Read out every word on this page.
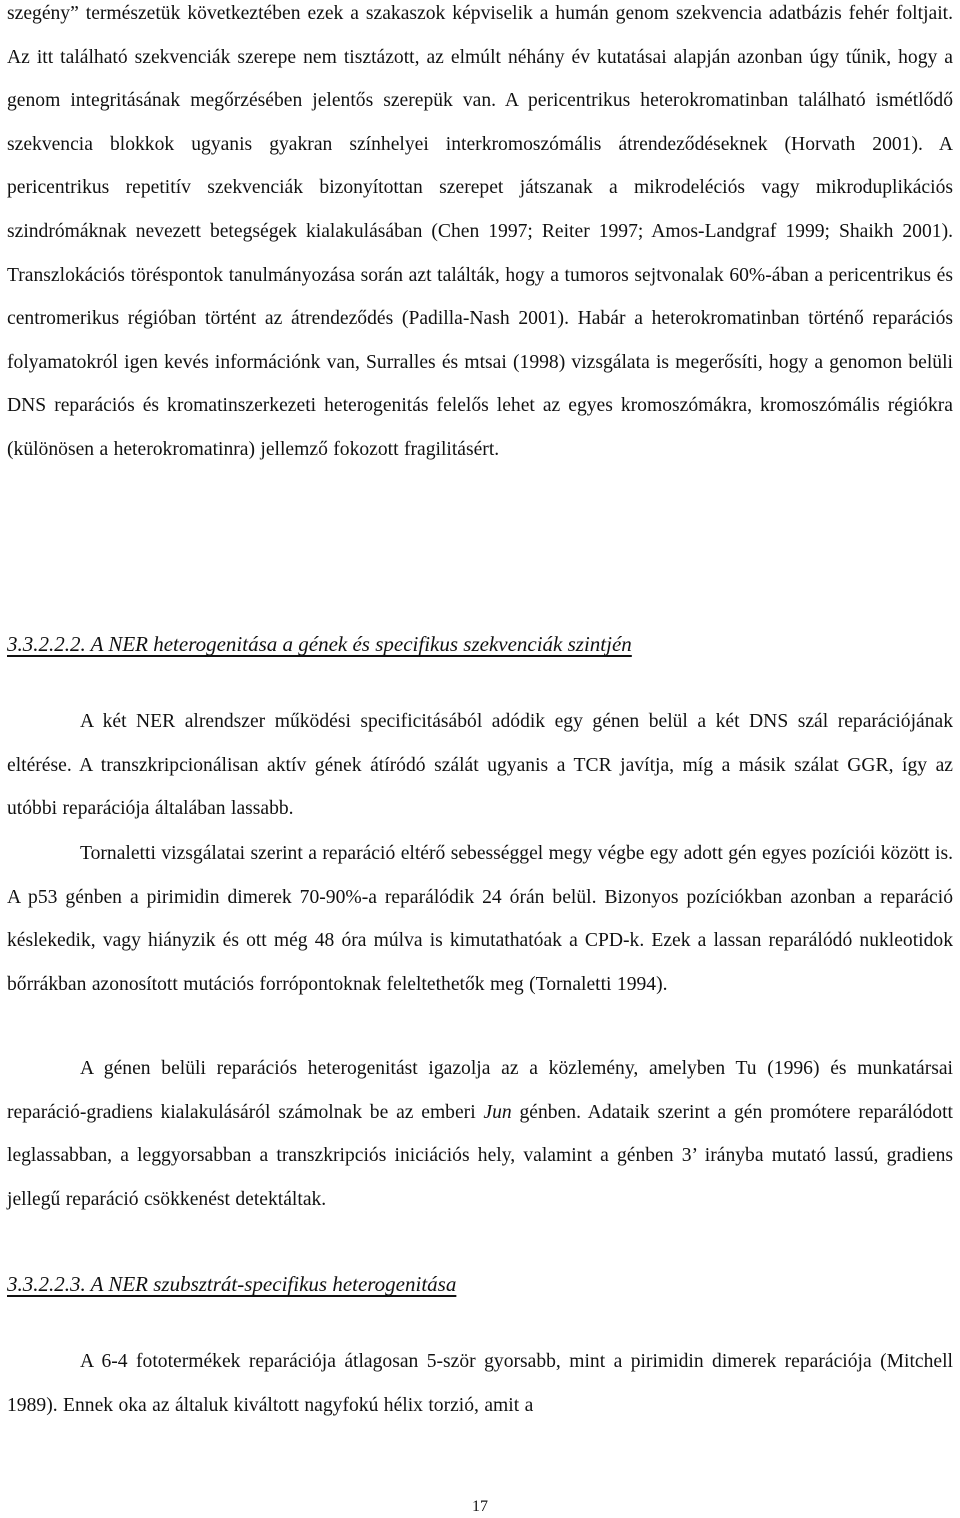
szegény” természetük következtében ezek a szakaszok képviselik a humán genom szekvencia adatbázis fehér foltjait. Az itt található szekvenciák szerepe nem tisztázott, az elmúlt néhány év kutatásai alapján azonban úgy tűnik, hogy a genom integritásának megőrzésében jelentős szerepük van. A pericentrikus heterokromatinban található ismétlődő szekvencia blokkok ugyanis gyakran színhelyei interkromoszómális átrendeződéseknek (Horvath 2001). A pericentrikus repetitív szekvenciák bizonyítottan szerepet játszanak a mikrodeléciós vagy mikroduplikációs szindrómáknak nevezett betegségek kialakulásában (Chen 1997; Reiter 1997; Amos-Landgraf 1999; Shaikh 2001). Transzlokációs töréspontok tanulmányozása során azt találták, hogy a tumoros sejtvonalak 60%-ában a pericentrikus és centromerikus régióban történt az átrendeződés (Padilla-Nash 2001). Habár a heterokromatinban történő reparációs folyamatokról igen kevés információnk van, Surralles és mtsai (1998) vizsgálata is megerősíti, hogy a genomon belüli DNS reparációs és kromatinszerkezeti heterogenitás felelős lehet az egyes kromoszómákra, kromoszómális régiókra (különösen a heterokromatinra) jellemző fokozott fragilitásért.

3.3.2.2.2. A NER heterogenitása a gének és specifikus szekvenciák szintjén

A két NER alrendszer működési specificitásából adódik egy génen belül a két DNS szál reparációjának eltérése. A transzkripcionálisan aktív gének átíródó szálát ugyanis a TCR javítja, míg a másik szálat GGR, így az utóbbi reparációja általában lassabb.

Tornaletti vizsgálatai szerint a reparáció eltérő sebességgel megy végbe egy adott gén egyes pozíciói között is. A p53 génben a pirimidin dimerek 70-90%-a reparálódik 24 órán belül. Bizonyos pozíciókban azonban a reparáció késlekedik, vagy hiányzik és ott még 48 óra múlva is kimutathatóak a CPD-k. Ezek a lassan reparálódó nukleotidok bőrrákban azonosított mutációs forrópontoknak feleltethetők meg (Tornaletti 1994).

A génen belüli reparációs heterogenitást igazolja az a közlemény, amelyben Tu (1996) és munkatársai reparáció-gradiens kialakulásáról számolnak be az emberi Jun génben. Adataik szerint a gén promótere reparálódott leglassabban, a leggyorsabban a transzkripciós iniciációs hely, valamint a génben 3’ irányba mutató lassú, gradiens jellegű reparáció csökkenést detektáltak.

3.3.2.2.3. A NER szubsztrát-specifikus heterogenitása

A 6-4 fototermékek reparációja átlagosan 5-ször gyorsabb, mint a pirimidin dimerek reparációja (Mitchell 1989). Ennek oka az általuk kiváltott nagyfokú hélix torzió, amit a

17
